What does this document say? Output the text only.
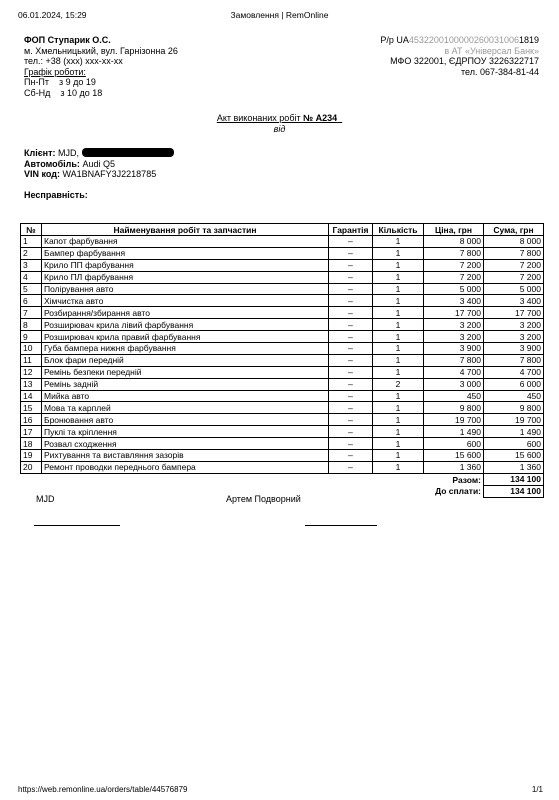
06.01.2024, 15:29	Замовлення | RemOnline
ФОП Ступарик О.С.
м. Хмельницький, вул. Гарнізонна 26
тел.: +38 (ххх) ххх-хх-хх
Графік роботи:
Пн-Пт    з 9 до 19
Сб-Нд    з 10 до 18
Р/р UA45322001000002600310061819
в АТ «Універсал Банк»
МФО 322001, ЄДРПОУ 3226322717
тел. 067-384-81-44
Акт виконаних робіт № А234
від
Клієнт: MJD,
Автомобіль: Audi Q5
VIN код: WA1BNAFY3J2218785
Несправність:
№	Найменування робіт та запчастин	Гарантія	Кількість	Ціна, грн	Сума, грн
1	Капот фарбування	–	1	8 000	8 000
2	Бампер фарбування	–	1	7 800	7 800
3	Крило ПП фарбування	–	1	7 200	7 200
4	Крило ПЛ фарбування	–	1	7 200	7 200
5	Полірування авто	–	1	5 000	5 000
6	Хімчистка авто	–	1	3 400	3 400
7	Розбирання/збирання авто	–	1	17 700	17 700
8	Розширювач крила лівий фарбування	–	1	3 200	3 200
9	Розширювач крила правий фарбування	–	1	3 200	3 200
10	Губа бампера нижня фарбування	–	1	3 900	3 900
11	Блок фари передній	–	1	7 800	7 800
12	Ремінь безпеки передній	–	1	4 700	4 700
13	Ремінь задній	–	2	3 000	6 000
14	Мийка авто	–	1	450	450
15	Мова та карплей	–	1	9 800	9 800
16	Бронювання авто	–	1	19 700	19 700
17	Пуклі та кріплення	–	1	1 490	1 490
18	Розвал сходження	–	1	600	600
19	Рихтування та виставляння зазорів	–	1	15 600	15 600
20	Ремонт проводки переднього бампера	–	1	1 360	1 360
				Разом:	134 100
				До сплати:	134 100
MJD	Артем Подворний
https://web.remonline.ua/orders/table/44576879	1/1
